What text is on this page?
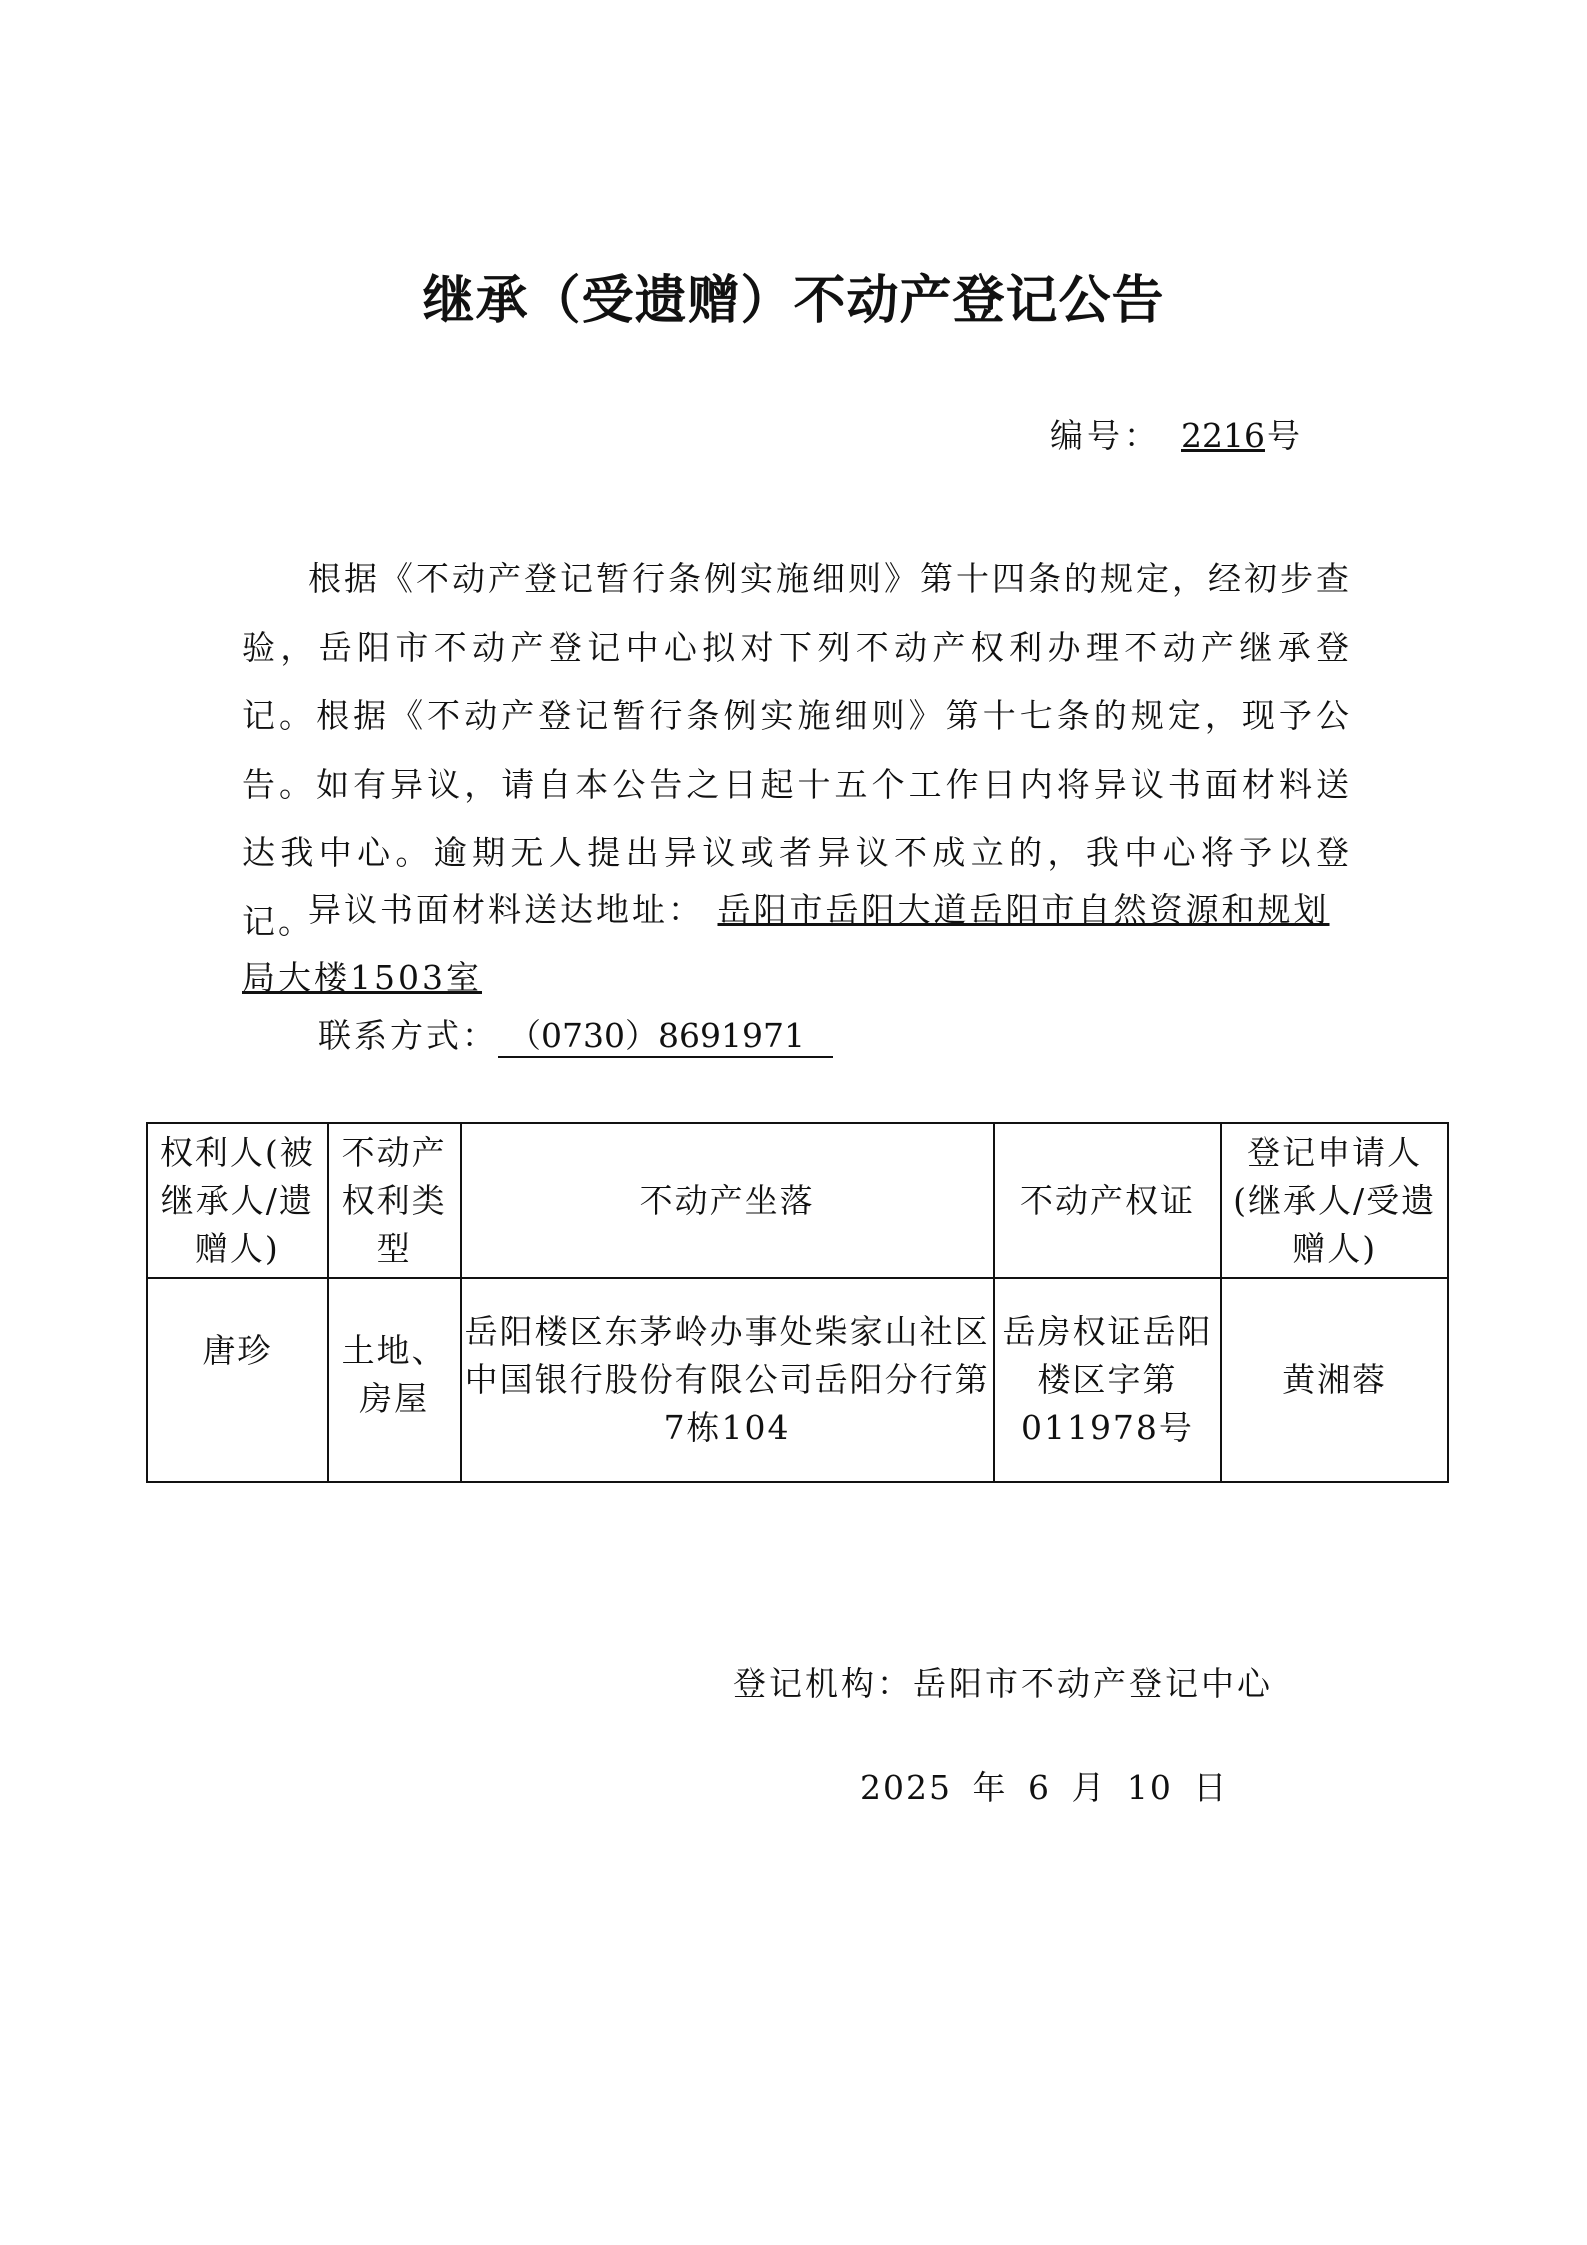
继承（受遗赠）不动产登记公告
编号： 2216号
根据《不动产登记暂行条例实施细则》第十四条的规定，经初步查验，岳阳市不动产登记中心拟对下列不动产权利办理不动产继承登记。根据《不动产登记暂行条例实施细则》第十七条的规定，现予公告。如有异议，请自本公告之日起十五个工作日内将异议书面材料送达我中心。逾期无人提出异议或者异议不成立的，我中心将予以登记。
异议书面材料送达地址： 岳阳市岳阳大道岳阳市自然资源和规划局大楼1503室
联系方式： （0730）8691971
权利人(被继承人/遗赠人)	不动产权利类型	不动产坐落	不动产权证	登记申请人(继承人/受遗赠人)
唐珍	土地、房屋	岳阳楼区东茅岭办事处柴家山社区中国银行股份有限公司岳阳分行第7栋104	岳房权证岳阳楼区字第011978号	黄湘蓉
登记机构：岳阳市不动产登记中心
2025 年 6 月 10 日
